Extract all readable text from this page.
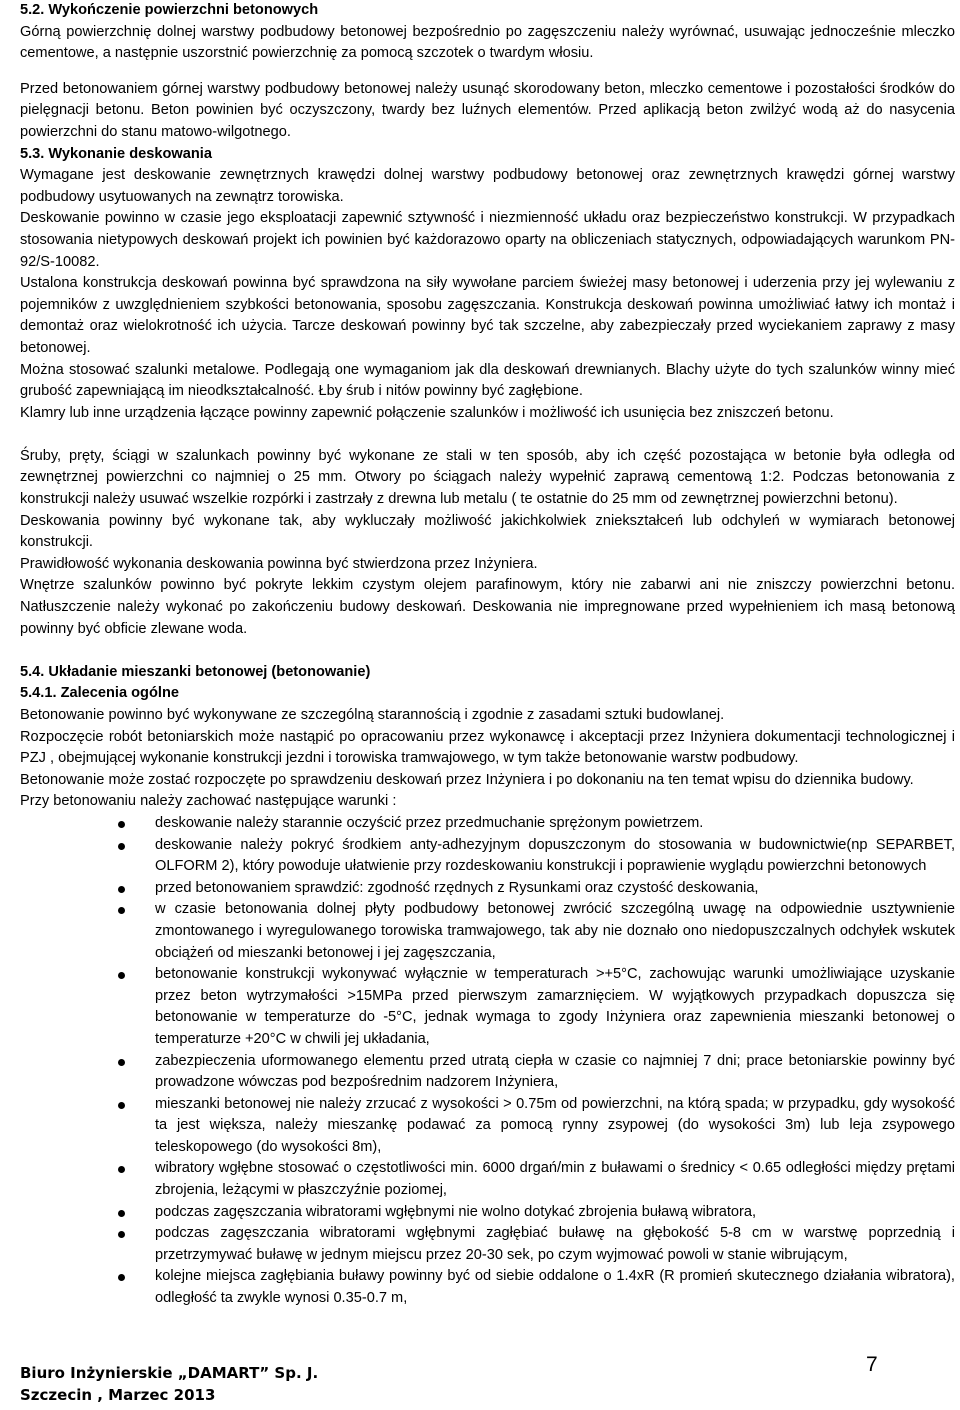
5.2. Wykończenie powierzchni betonowych

Górną powierzchnię dolnej warstwy podbudowy betonowej bezpośrednio po zagęszczeniu należy wyrównać, usuwając jednocześnie mleczko cementowe, a następnie uszorstnić powierzchnię za pomocą szczotek o twardym włosiu.

Przed betonowaniem górnej warstwy podbudowy betonowej należy usunąć skorodowany beton, mleczko cementowe i pozostałości środków do pielęgnacji betonu. Beton powinien być oczyszczony, twardy bez luźnych elementów. Przed aplikacją beton zwilżyć wodą aż do nasycenia powierzchni do stanu matowo-wilgotnego.

5.3. Wykonanie deskowania

Wymagane jest deskowanie zewnętrznych krawędzi dolnej warstwy podbudowy betonowej oraz zewnętrznych krawędzi górnej warstwy podbudowy usytuowanych na zewnątrz torowiska.

Deskowanie powinno w czasie jego eksploatacji zapewnić sztywność i niezmienność układu oraz bezpieczeństwo konstrukcji. W przypadkach stosowania nietypowych deskowań projekt ich powinien być każdorazowo oparty na obliczeniach statycznych, odpowiadających warunkom PN-92/S-10082.

Ustalona konstrukcja deskowań powinna być sprawdzona na siły wywołane parciem świeżej masy betonowej i uderzenia przy jej wylewaniu z pojemników z uwzględnieniem szybkości betonowania, sposobu zagęszczania. Konstrukcja deskowań powinna umożliwiać łatwy ich montaż i demontaż oraz wielokrotność ich użycia. Tarcze deskowań powinny być tak szczelne, aby zabezpieczały przed wyciekaniem zaprawy z masy betonowej.

Można stosować szalunki metalowe. Podlegają one wymaganiom jak dla deskowań drewnianych. Blachy użyte do tych szalunków winny mieć grubość zapewniającą im nieodkształcalność. Łby śrub i nitów powinny być zagłębione.

Klamry lub inne urządzenia łączące powinny zapewnić połączenie szalunków i możliwość ich usunięcia bez zniszczeń betonu.

Śruby, pręty, ściągi w szalunkach powinny być wykonane ze stali w ten sposób, aby ich część pozostająca w betonie była odległa od zewnętrznej powierzchni co najmniej o 25 mm. Otwory po ściągach należy wypełnić zaprawą cementową 1:2. Podczas betonowania z konstrukcji należy usuwać wszelkie rozpórki i zastrzały z drewna lub metalu ( te ostatnie do 25 mm od zewnętrznej powierzchni betonu).

Deskowania powinny być wykonane tak, aby wykluczały możliwość jakichkolwiek zniekształceń lub odchyleń w wymiarach betonowej konstrukcji.

Prawidłowość wykonania deskowania powinna być stwierdzona przez Inżyniera.

Wnętrze szalunków powinno być pokryte lekkim czystym olejem parafinowym, który nie zabarwi ani nie zniszczy powierzchni betonu. Natłuszczenie należy wykonać po zakończeniu budowy deskowań. Deskowania nie impregnowane przed wypełnieniem ich masą betonową powinny być obficie zlewane woda.

5.4. Układanie mieszanki betonowej (betonowanie)

5.4.1. Zalecenia ogólne

Betonowanie powinno być wykonywane ze szczególną starannością i zgodnie z zasadami sztuki budowlanej.

Rozpoczęcie robót betoniarskich może nastąpić po opracowaniu przez wykonawcę i akceptacji przez Inżyniera dokumentacji technologicznej i PZJ , obejmującej wykonanie konstrukcji jezdni i torowiska tramwajowego, w tym także betonowanie warstw podbudowy.

Betonowanie może zostać rozpoczęte po sprawdzeniu deskowań przez Inżyniera i po dokonaniu na ten temat wpisu do dziennika budowy.

Przy betonowaniu należy zachować następujące warunki :

deskowanie należy starannie oczyścić przez przedmuchanie sprężonym powietrzem.
deskowanie należy pokryć środkiem anty-adhezyjnym dopuszczonym do stosowania w budownictwie(np SEPARBET, OLFORM 2), który powoduje ułatwienie przy rozdeskowaniu konstrukcji i poprawienie wyglądu powierzchni betonowych
przed betonowaniem sprawdzić: zgodność rzędnych z Rysunkami oraz czystość deskowania,
w czasie betonowania dolnej płyty podbudowy betonowej zwrócić szczególną uwagę na odpowiednie usztywnienie zmontowanego i wyregulowanego torowiska tramwajowego, tak aby nie doznało ono niedopuszczalnych odchyłek wskutek obciążeń od mieszanki betonowej i jej zagęszczania,
betonowanie konstrukcji wykonywać wyłącznie w temperaturach >+5°C, zachowując warunki umożliwiające uzyskanie przez beton wytrzymałości >15MPa przed pierwszym zamarznięciem. W wyjątkowych przypadkach dopuszcza się betonowanie w temperaturze do -5°C, jednak wymaga to zgody Inżyniera oraz zapewnienia mieszanki betonowej o temperaturze +20°C w chwili jej układania,
zabezpieczenia uformowanego elementu przed utratą ciepła w czasie co najmniej 7 dni; prace betoniarskie powinny być prowadzone wówczas pod bezpośrednim nadzorem Inżyniera,
mieszanki betonowej nie należy zrzucać z wysokości > 0.75m od powierzchni, na którą spada; w przypadku, gdy wysokość ta jest większa, należy mieszankę podawać za pomocą rynny zsypowej (do wysokości 3m) lub leja zsypowego teleskopowego (do wysokości 8m),
wibratory wgłębne stosować o częstotliwości min. 6000 drgań/min z buławami o średnicy < 0.65 odległości między prętami zbrojenia, leżącymi w płaszczyźnie poziomej,
podczas zagęszczania wibratorami wgłębnymi nie wolno dotykać zbrojenia buławą wibratora,
podczas zagęszczania wibratorami wgłębnymi zagłębiać buławę na głębokość 5-8 cm w warstwę poprzednią i przetrzymywać buławę w jednym miejscu przez 20-30 sek, po czym wyjmować powoli w stanie wibrującym,
kolejne miejsca zagłębiania buławy powinny być od siebie oddalone o 1.4xR (R promień skutecznego działania wibratora), odległość ta zwykle wynosi 0.35-0.7 m,
Biuro Inżynierskie „DAMART” Sp. J.
Szczecin , Marzec 2013
7
